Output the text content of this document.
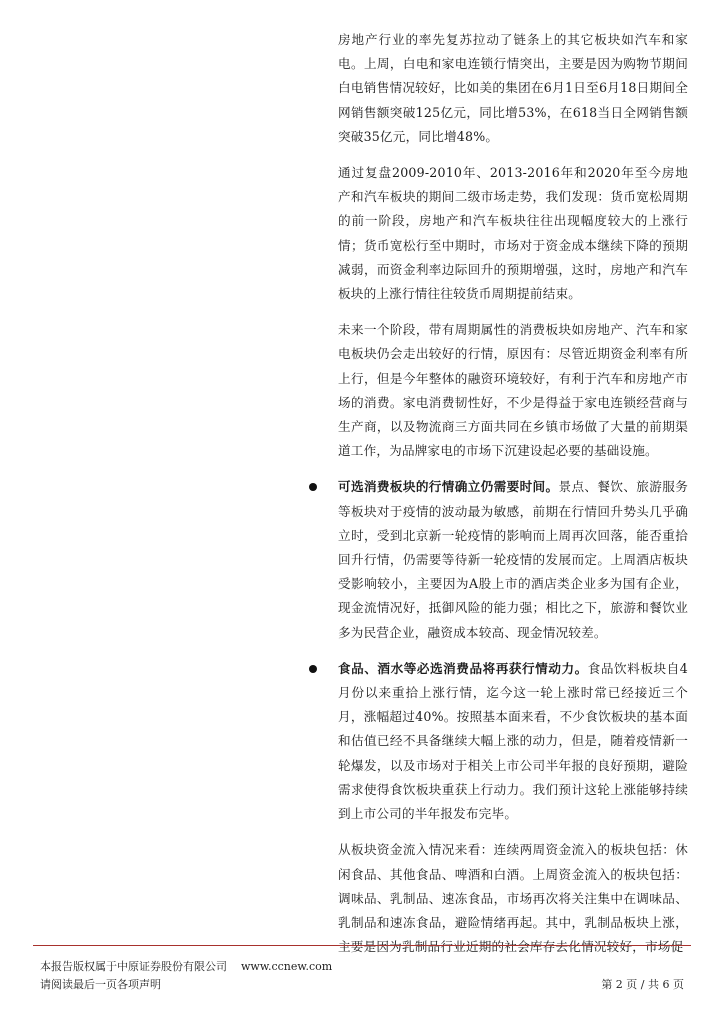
房地产行业的率先复苏拉动了链条上的其它板块如汽车和家电。上周，白电和家电连锁行情突出，主要是因为购物节期间白电销售情况较好，比如美的集团在6月1日至6月18日期间全网销售额突破125亿元，同比增53%，在618当日全网销售额突破35亿元，同比增48%。

通过复盘2009-2010年、2013-2016年和2020年至今房地产和汽车板块的期间二级市场走势，我们发现：货币宽松周期的前一阶段，房地产和汽车板块往往出现幅度较大的上涨行情；货币宽松行至中期时，市场对于资金成本继续下降的预期减弱，而资金利率边际回升的预期增强，这时，房地产和汽车板块的上涨行情往往较货币周期提前结束。

未来一个阶段，带有周期属性的消费板块如房地产、汽车和家电板块仍会走出较好的行情，原因有：尽管近期资金利率有所上行，但是今年整体的融资环境较好，有利于汽车和房地产市场的消费。家电消费韧性好，不少是得益于家电连锁经营商与生产商，以及物流商三方面共同在乡镇市场做了大量的前期渠道工作，为品牌家电的市场下沉建设起必要的基础设施。

可选消费板块的行情确立仍需要时间。景点、餐饮、旅游服务等板块对于疫情的波动最为敏感，前期在行情回升势头几乎确立时，受到北京新一轮疫情的影响而上周再次回落，能否重拾回升行情，仍需要等待新一轮疫情的发展而定。上周酒店板块受影响较小，主要因为A股上市的酒店类企业多为国有企业，现金流情况好，抵御风险的能力强；相比之下，旅游和餐饮业多为民营企业，融资成本较高、现金情况较差。

食品、酒水等必选消费品将再获行情动力。食品饮料板块自4月份以来重拾上涨行情，迄今这一轮上涨时常已经接近三个月，涨幅超过40%。按照基本面来看，不少食饮板块的基本面和估值已经不具备继续大幅上涨的动力，但是，随着疫情新一轮爆发，以及市场对于相关上市公司半年报的良好预期，避险需求使得食饮板块重获上行动力。我们预计这轮上涨能够持续到上市公司的半年报发布完毕。

从板块资金流入情况来看：连续两周资金流入的板块包括：休闲食品、其他食品、啤酒和白酒。上周资金流入的板块包括：调味品、乳制品、速冻食品，市场再次将关注集中在调味品、乳制品和速冻食品，避险情绪再起。其中，乳制品板块上涨，主要是因为乳制品行业近期的社会库存去化情况较好，市场促

本报告版权属于中原证券股份有限公司 www.ccnew.com
请阅读最后一页各项声明	第 2 页 / 共 6 页
